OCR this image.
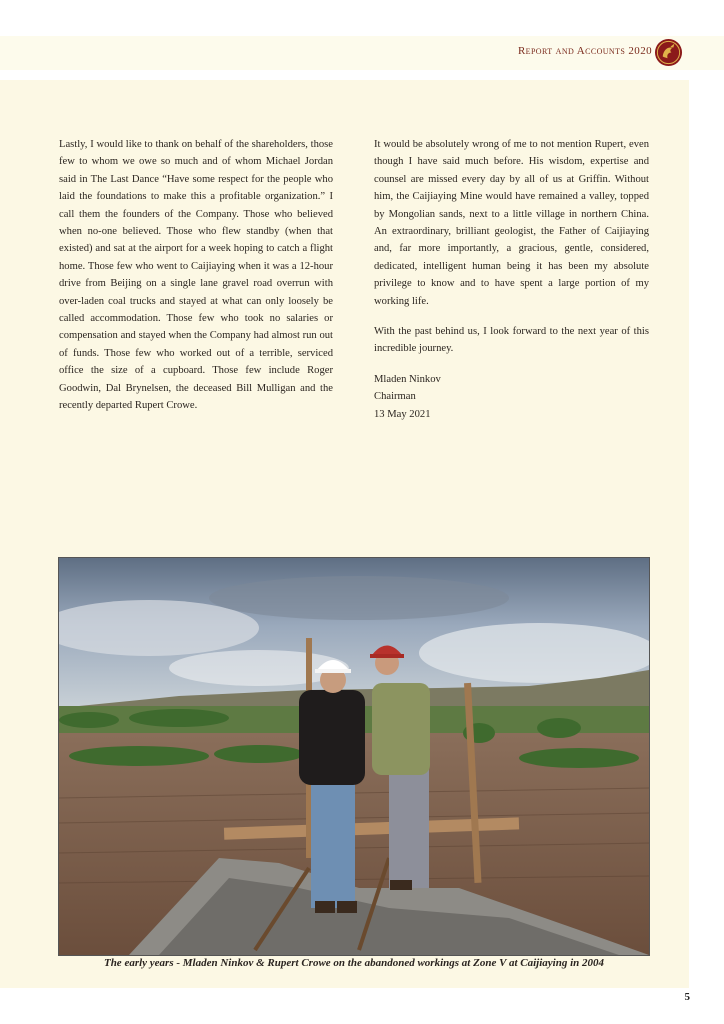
Report and Accounts 2020

Lastly, I would like to thank on behalf of the shareholders, those few to whom we owe so much and of whom Michael Jordan said in The Last Dance “Have some respect for the people who laid the foundations to make this a profitable organization.” I call them the founders of the Company. Those who believed when no-one believed. Those who flew standby (when that existed) and sat at the airport for a week hoping to catch a flight home. Those few who went to Caijiaying when it was a 12-hour drive from Beijing on a single lane gravel road overrun with over-laden coal trucks and stayed at what can only loosely be called accommodation. Those few who took no salaries or compensation and stayed when the Company had almost run out of funds. Those few who worked out of a terrible, serviced office the size of a cupboard. Those few include Roger Goodwin, Dal Brynelsen, the deceased Bill Mulligan and the recently departed Rupert Crowe.

It would be absolutely wrong of me to not mention Rupert, even though I have said much before. His wisdom, expertise and counsel are missed every day by all of us at Griffin. Without him, the Caijiaying Mine would have remained a valley, topped by Mongolian sands, next to a little village in northern China. An extraordinary, brilliant geologist, the Father of Caijiaying and, far more importantly, a gracious, gentle, considered, dedicated, intelligent human being it has been my absolute privilege to know and to have spent a large portion of my working life.

With the past behind us, I look forward to the next year of this incredible journey.

Mladen Ninkov
Chairman
13 May 2021
The early years - Mladen Ninkov & Rupert Crowe on the abandoned workings at Zone V at Caijiaying in 2004
5
